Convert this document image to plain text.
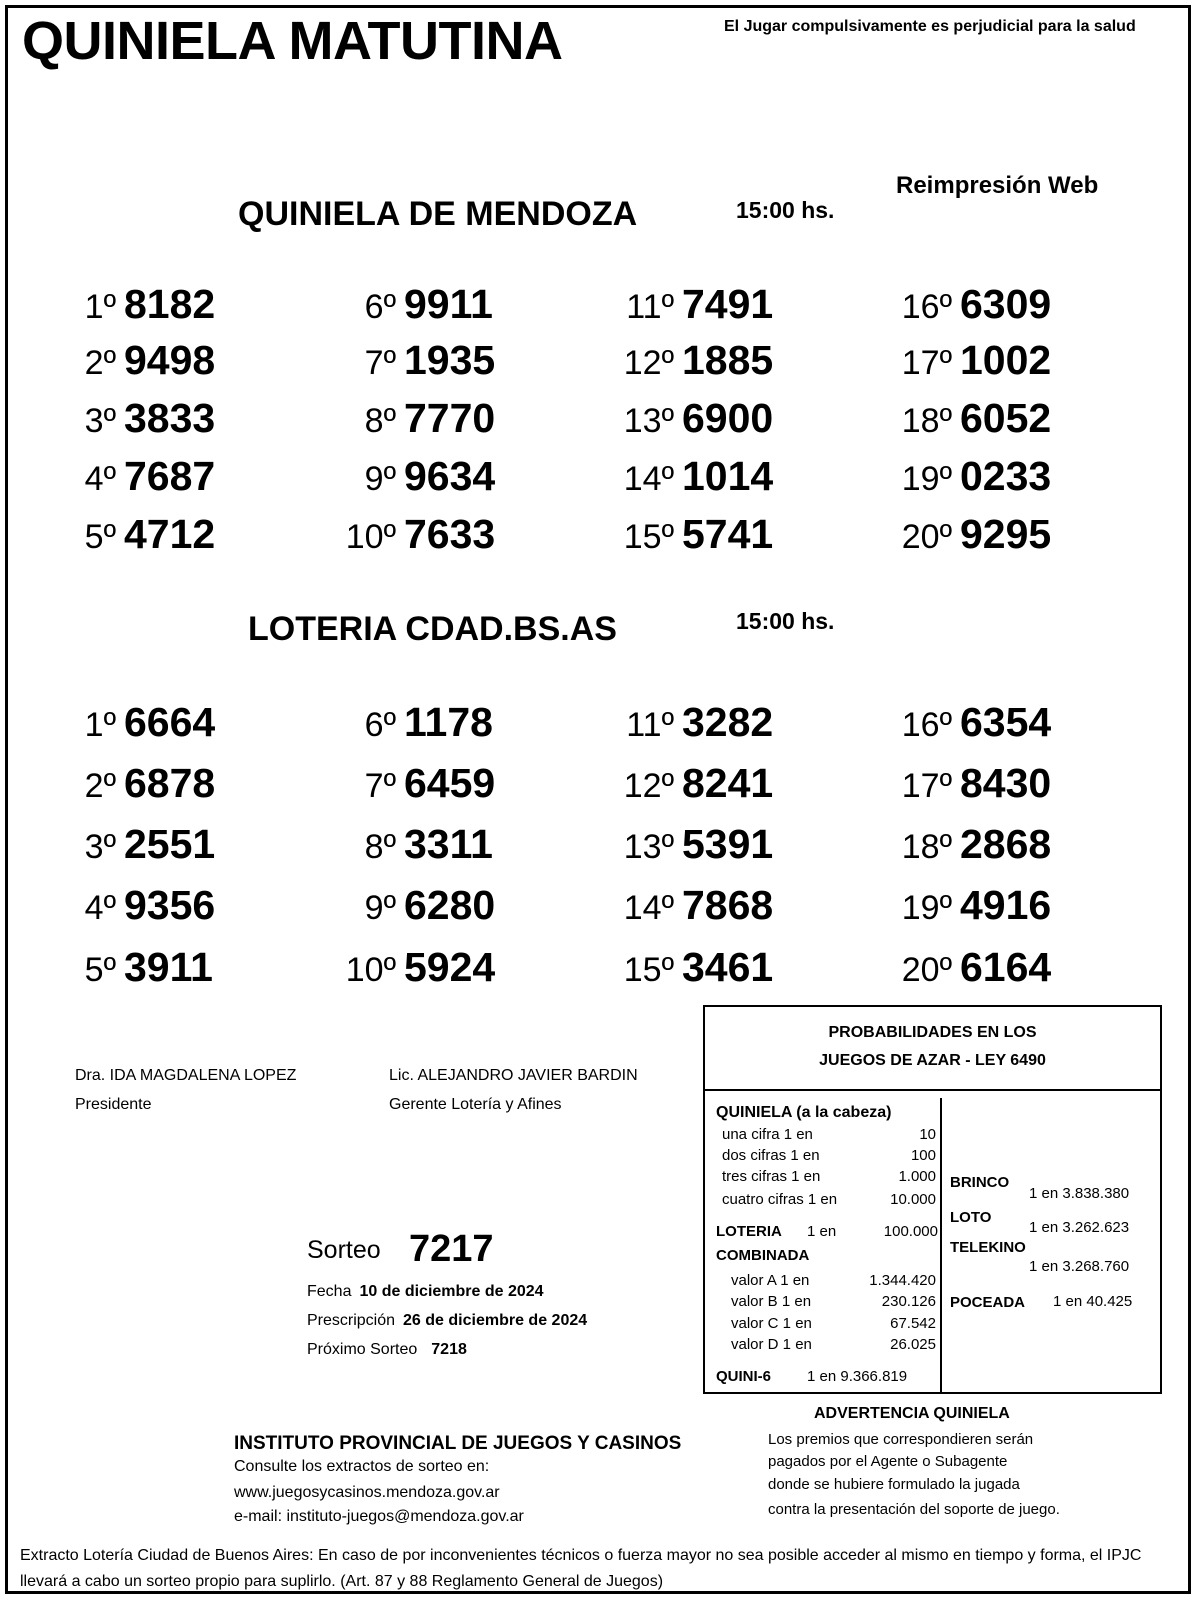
QUINIELA MATUTINA	El Jugar compulsivamente es perjudicial para la salud
Reimpresión Web
QUINIELA DE MENDOZA	15:00 hs.
1º 8182
2º 9498
3º 3833
4º 7687
5º 4712
6º 9911
7º 1935
8º 7770
9º 9634
10º 7633
11º 7491
12º 1885
13º 6900
14º 1014
15º 5741
16º 6309
17º 1002
18º 6052
19º 0233
20º 9295
LOTERIA CDAD.BS.AS	15:00 hs.
1º 6664
2º 6878
3º 2551
4º 9356
5º 3911
6º 1178
7º 6459
8º 3311
9º 6280
10º 5924
11º 3282
12º 8241
13º 5391
14º 7868
15º 3461
16º 6354
17º 8430
18º 2868
19º 4916
20º 6164
Dra. IDA MAGDALENA LOPEZ
Presidente
Lic. ALEJANDRO JAVIER BARDIN
Gerente Lotería y Afines
Sorteo 7217
Fecha 10 de diciembre de 2024
Prescripción 26 de diciembre de 2024
Próximo Sorteo 7218
PROBABILIDADES EN LOS
JUEGOS DE AZAR - LEY 6490
QUINIELA (a la cabeza)
una cifra 1 en	10
dos cifras 1 en	100
tres cifras 1 en	1.000
cuatro cifras 1 en	10.000
LOTERIA 1 en	100.000
COMBINADA
valor A 1 en	1.344.420
valor B 1 en	230.126
valor C 1 en	67.542
valor D 1 en	26.025
QUINI-6 1 en 9.366.819
BRINCO
1 en 3.838.380
LOTO
1 en 3.262.623
TELEKINO
1 en 3.268.760
POCEADA 1 en 40.425
INSTITUTO PROVINCIAL DE JUEGOS Y CASINOS
Consulte los extractos de sorteo en:
www.juegosycasinos.mendoza.gov.ar
e-mail: instituto-juegos@mendoza.gov.ar
ADVERTENCIA QUINIELA
Los premios que correspondieren serán
pagados por el Agente o Subagente
donde se hubiere formulado la jugada
contra la presentación del soporte de juego.
Extracto Lotería Ciudad de Buenos Aires: En caso de por inconvenientes técnicos o fuerza mayor no sea posible acceder al mismo en tiempo y forma, el IPJC llevará a cabo un sorteo propio para suplirlo. (Art. 87 y 88 Reglamento General de Juegos)
